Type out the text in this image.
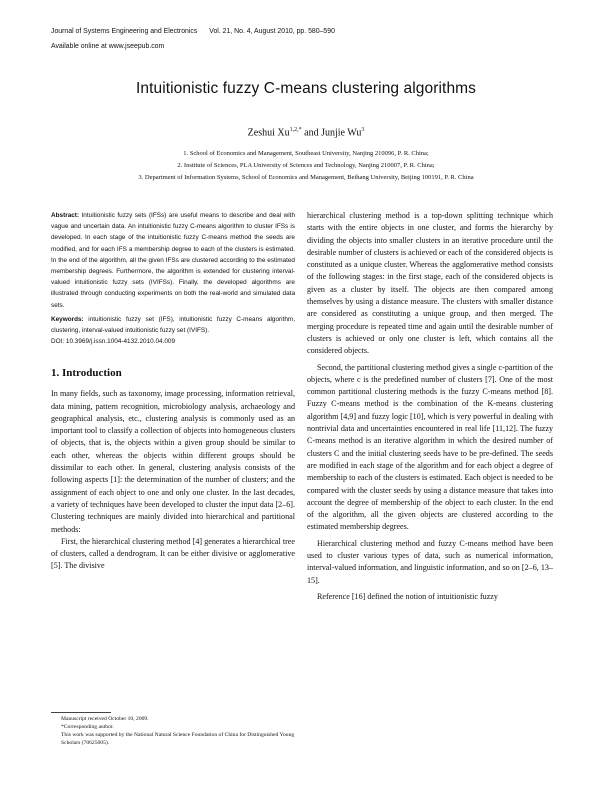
Journal of Systems Engineering and Electronics Vol. 21, No. 4, August 2010, pp. 580–590
Available online at www.jseepub.com
Intuitionistic fuzzy C-means clustering algorithms
Zeshui $Xu^{1,2,*}$ and Junjie Wu$^3$
1. School of Economics and Management, Southeast University, Nanjing 210096, P. R. China;
2. Institute of Sciences, PLA University of Sciences and Technology, Nanjing 210007, P. R. China;
3. Department of Information Systems, School of Economics and Management, Beihang University, Beijing 100191, P. R. China

Abstract: Intuitionistic fuzzy sets (IFSs) are useful means to describe and deal with vague and uncertain data. An intuitionistic fuzzy C-means algorithm to cluster IFSs is developed. In each stage of the intuitionistic fuzzy C-means method the seeds are modified, and for each IFS a membership degree to each of the clusters is estimated. In the end of the algorithm, all the given IFSs are clustered according to the estimated membership degrees. Furthermore, the algorithm is extended for clustering interval-valued intuitionistic fuzzy sets (IVIFSs). Finally, the developed algorithms are illustrated through conducting experiments on both the real-world and simulated data sets.

Keywords: intuitionistic fuzzy set (IFS), intuitionistic fuzzy C-means algorithm, clustering, interval-valued intuitionistic fuzzy set (IVIFS).

DOI: 10.3969/j.issn.1004-4132.2010.04.009

1. Introduction

In many fields, such as taxonomy, image processing, information retrieval, data mining, pattern recognition, microbiology analysis, archaeology and geographical analysis, etc., clustering analysis is commonly used as an important tool to classify a collection of objects into homogeneous clusters of objects, that is, the objects within a given group should be similar to each other, whereas the objects within different groups should be dissimilar to each other. In general, clustering analysis consists of the following aspects [1]: the determination of the number of clusters; and the assignment of each object to one and only one cluster. In the last decades, a variety of techniques have been developed to cluster the input data [2–6]. Clustering techniques are mainly divided into hierarchical and partitional methods:

First, the hierarchical clustering method [4] generates a hierarchical tree of clusters, called a dendrogram. It can be either divisive or agglomerative [5]. The divisive

hierarchical clustering method is a top-down splitting technique which starts with the entire objects in one cluster, and forms the hierarchy by dividing the objects into smaller clusters in an iterative procedure until the desirable number of clusters is achieved or each of the considered objects is constituted as a unique cluster. Whereas the agglomerative method consists of the following stages: in the first stage, each of the considered objects is given as a cluster by itself. The objects are then compared among themselves by using a distance measure. The clusters with smaller distance are considered as constituting a unique group, and then merged. The merging procedure is repeated time and again until the desirable number of clusters is achieved or only one cluster is left, which contains all the considered objects.

Second, the partitional clustering method gives a single c-partition of the objects, where c is the predefined number of clusters [7]. One of the most common partitional clustering methods is the fuzzy C-means method [8]. Fuzzy C-means method is the combination of the K-means clustering algorithm [4,9] and fuzzy logic [10], which is very powerful in dealing with nontrivial data and uncertainties encountered in real life [11,12]. The fuzzy C-means method is an iterative algorithm in which the desired number of clusters C and the initial clustering seeds have to be pre-defined. The seeds are modified in each stage of the algorithm and for each object a degree of membership to each of the clusters is estimated. Each object is needed to be compared with the cluster seeds by using a distance measure that takes into account the degree of membership of the object to each cluster. In the end of the algorithm, all the given objects are clustered according to the estimated membership degrees.

Hierarchical clustering method and fuzzy C-means method have been used to cluster various types of data, such as numerical information, interval-valued information, and linguistic information, and so on [2–6, 13–15].

Reference [16] defined the notion of intuitionistic fuzzy

Manuscript received October 10, 2009.
*Corresponding author.
This work was supported by the National Natural Science Foundation of China for Distinguished Young Scholars (70625005).
